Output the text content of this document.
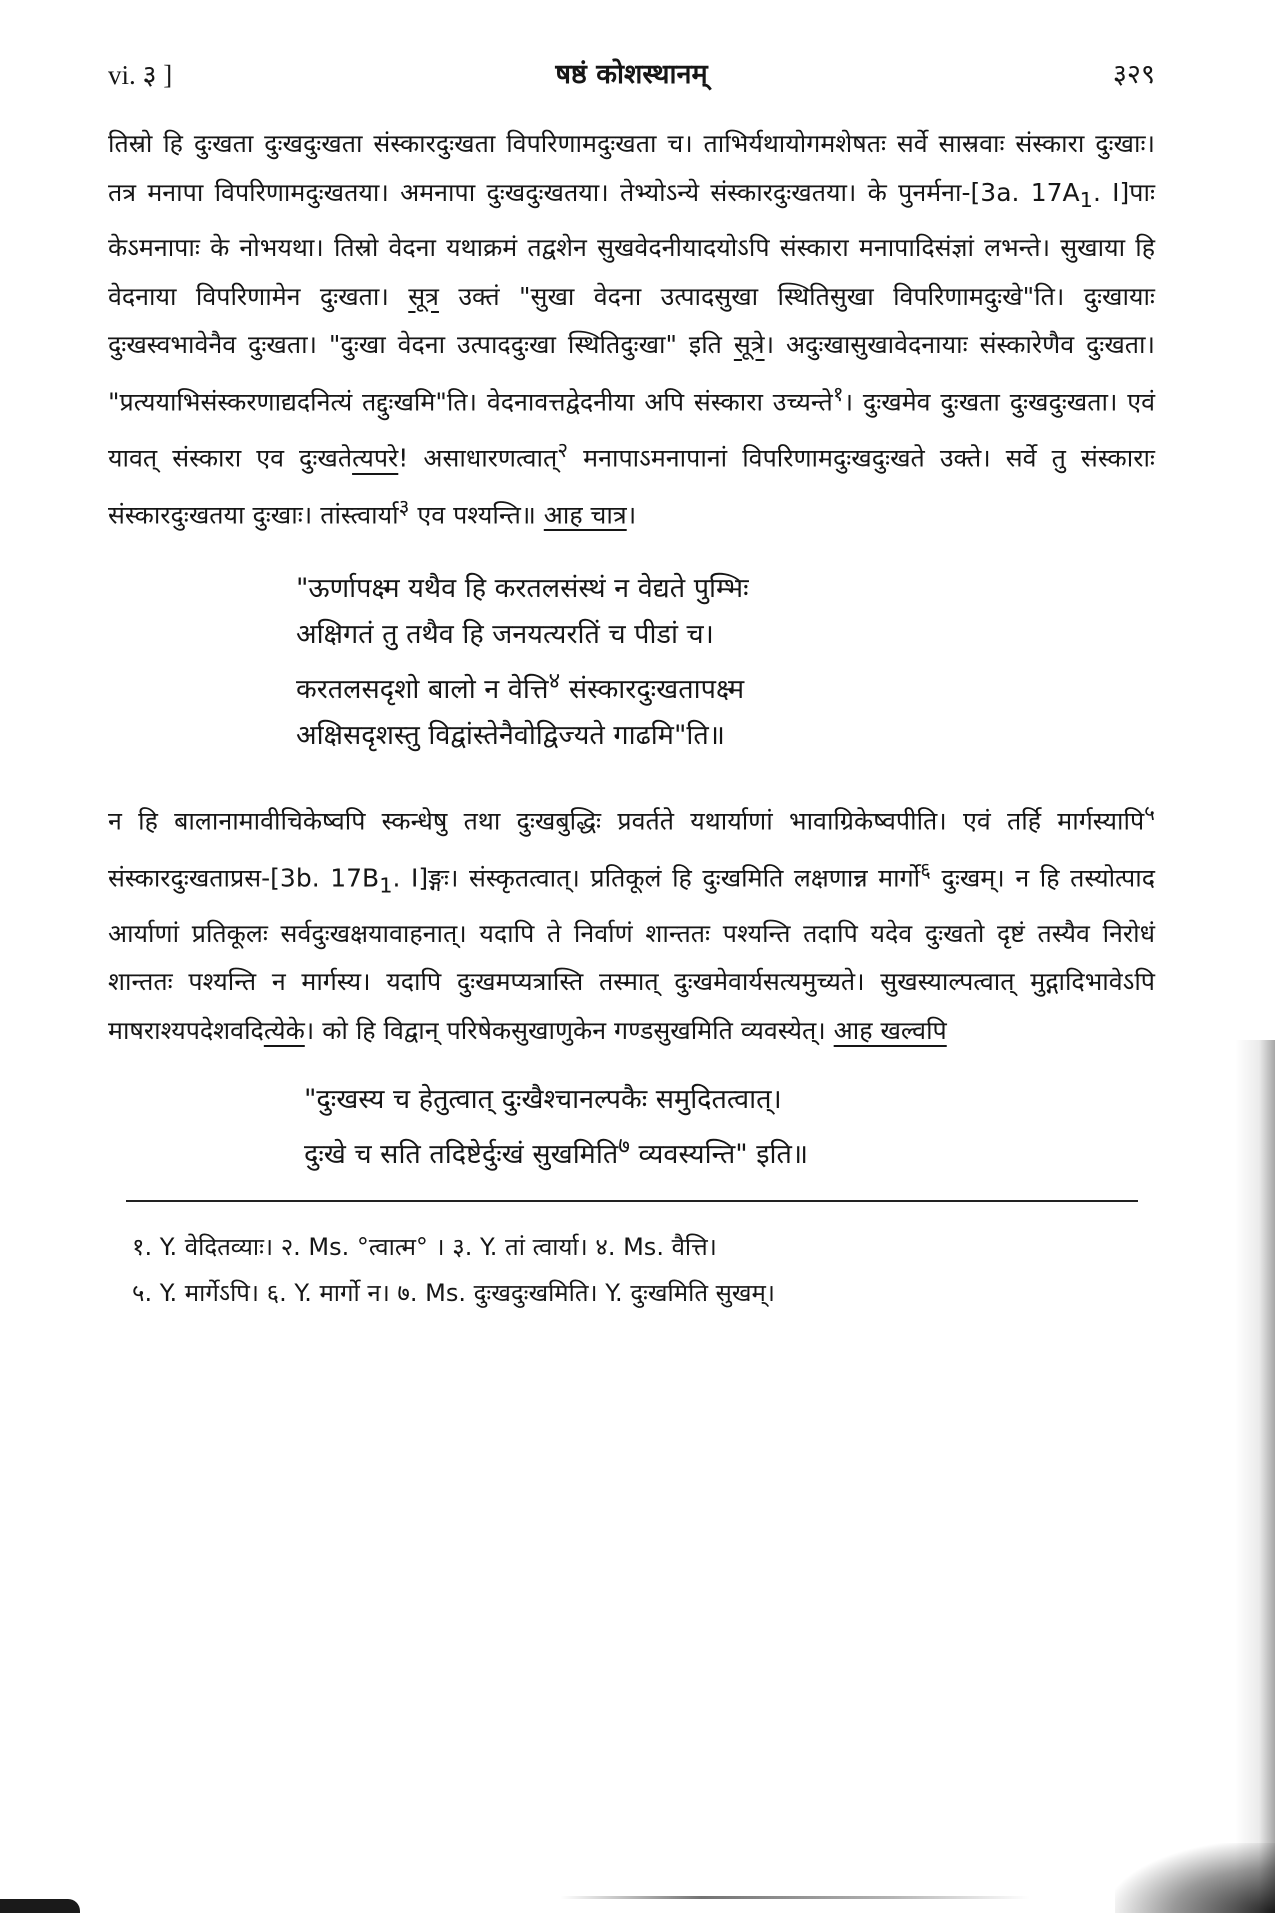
vi. ३ ]	षष्ठं कोशस्थानम्	३२९

तिस्रो हि दुःखता दुःखदुःखता संस्कारदुःखता विपरिणामदुःखता च। ताभिर्यथायोगमशेषतः सर्वे सास्रवाः संस्कारा दुःखाः। तत्र मनापा विपरिणामदुःखतया। अमनापा दुःखदुःखतया। तेभ्योऽन्ये संस्कारदुःखतया। के पुनर्मना-[3a. $17A_1$. I]पाः केऽमनापाः के नोभयथा। तिस्रो वेदना यथाक्रमं तद्वशेन सुखवेदनीयादयोऽपि संस्कारा मनापादिसंज्ञां लभन्ते। सुखाया हि वेदनाया विपरिणामेन दुःखता। सूत्र उक्तं "सुखा वेदना उत्पादसुखा स्थितिसुखा विपरिणामदुःखे"ति। दुःखायाः दुःखस्वभावेनैव दुःखता। "दुःखा वेदना उत्पाददुःखा स्थितिदुःखा" इति सूत्रे। अदुःखासुखावेदनायाः संस्कारेणैव दुःखता। "प्रत्ययाभिसंस्करणाद्यदनित्यं तद्दुःखमि"ति। वेदनावत्तद्वेदनीया अपि संस्कारा उच्यन्ते$^१$। दुःखमेव दुःखता दुःखदुःखता। एवं यावत् संस्कारा एव दुःखतेत्यपरे! असाधारणत्वात्$^२$ मनापाऽमनापानां विपरिणामदुःखदुःखते उक्ते। सर्वे तु संस्काराः संस्कारदुःखतया दुःखाः। तांस्त्वार्या$^३$ एव पश्यन्ति॥ आह चात्र।

"ऊर्णापक्ष्म यथैव हि करतलसंस्थं न वेद्यते पुम्भिः
अक्षिगतं तु तथैव हि जनयत्यरतिं च पीडां च।
करतलसदृशो बालो न वेत्ति$^४$ संस्कारदुःखतापक्ष्म
अक्षिसदृशस्तु विद्वांस्तेनैवोद्विज्यते गाढमि"ति॥

न हि बालानामावीचिकेष्वपि स्कन्धेषु तथा दुःखबुद्धिः प्रवर्तते यथार्याणां भावाग्रिकेष्वपीति। एवं तर्हि मार्गस्यापि$^५$ संस्कारदुःखताप्रस-[3b. $17B_1$. I]ङ्गः। संस्कृतत्वात्। प्रतिकूलं हि दुःखमिति लक्षणान्न मार्गो$^६$ दुःखम्। न हि तस्योत्पाद आर्याणां प्रतिकूलः सर्वदुःखक्षयावाहनात्। यदापि ते निर्वाणं शान्ततः पश्यन्ति तदापि यदेव दुःखतो दृष्टं तस्यैव निरोधं शान्ततः पश्यन्ति न मार्गस्य। यदापि दुःखमप्यत्रास्ति तस्मात् दुःखमेवार्यसत्यमुच्यते। सुखस्याल्पत्वात् मुद्गादिभावेऽपि माषराश्यपदेशवदित्येके। को हि विद्वान् परिषेकसुखाणुकेन गण्डसुखमिति व्यवस्येत्। आह खल्वपि

"दुःखस्य च हेतुत्वात् दुःखैश्चानल्पकैः समुदितत्वात्।
दुःखे च सति तदिष्टेर्दुःखं सुखमिति$^७$ व्यवस्यन्ति" इति॥
१. Y. वेदितव्याः। २. Ms. °त्वात्म° । ३. Y. तां त्वार्या। ४. Ms. वैत्ति।
५. Y. मार्गेऽपि। ६. Y. मार्गो न। ७. Ms. दुःखदुःखमिति। Y. दुःखमिति सुखम्।
